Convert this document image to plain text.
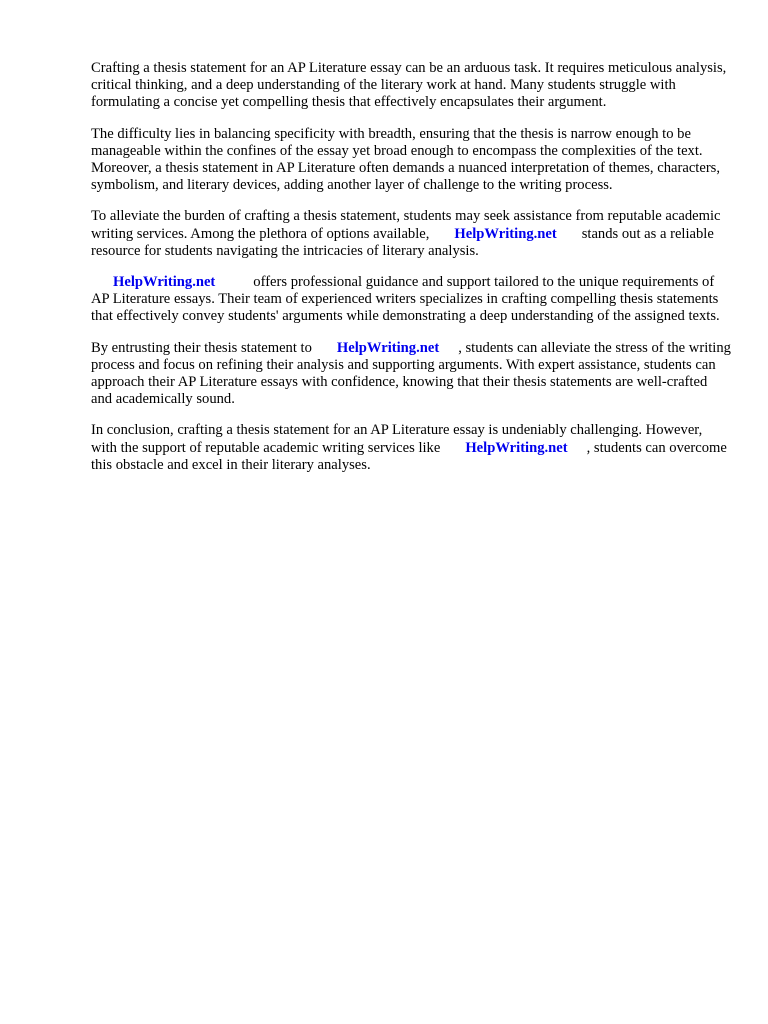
Crafting a thesis statement for an AP Literature essay can be an arduous task. It requires meticulous analysis, critical thinking, and a deep understanding of the literary work at hand. Many students struggle with formulating a concise yet compelling thesis that effectively encapsulates their argument.

The difficulty lies in balancing specificity with breadth, ensuring that the thesis is narrow enough to be manageable within the confines of the essay yet broad enough to encompass the complexities of the text. Moreover, a thesis statement in AP Literature often demands a nuanced interpretation of themes, characters, symbolism, and literary devices, adding another layer of challenge to the writing process.

To alleviate the burden of crafting a thesis statement, students may seek assistance from reputable academic writing services. Among the plethora of options available, HelpWriting.net stands out as a reliable resource for students navigating the intricacies of literary analysis.

HelpWriting.net	offers professional guidance and support tailored to the unique requirements of AP Literature essays. Their team of experienced writers specializes in crafting compelling thesis statements that effectively convey students' arguments while demonstrating a deep understanding of the assigned texts.

By entrusting their thesis statement to HelpWriting.net , students can alleviate the stress of the writing process and focus on refining their analysis and supporting arguments. With expert assistance, students can approach their AP Literature essays with confidence, knowing that their thesis statements are well-crafted and academically sound.

In conclusion, crafting a thesis statement for an AP Literature essay is undeniably challenging. However, with the support of reputable academic writing services like HelpWriting.net , students can overcome this obstacle and excel in their literary analyses.
